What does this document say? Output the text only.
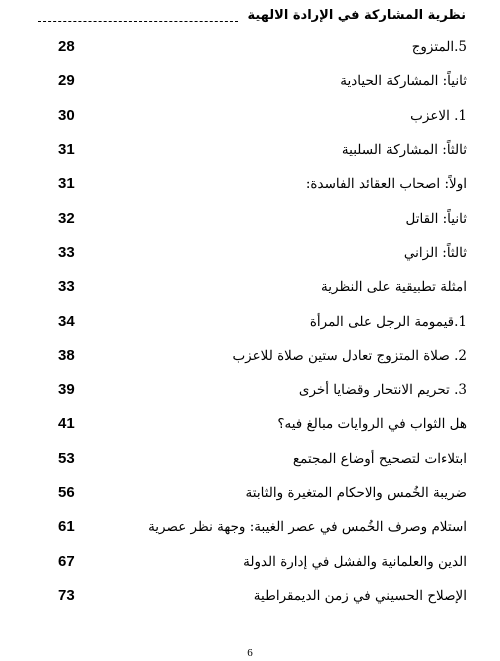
نظرية المشاركة في الإرادة الالهية
28	5.المتزوج
29	ثانياً: المشاركة الحيادية
30	1. الاعزب
31	ثالثاً: المشاركة السلبية
31	اولاً: اصحاب العقائد الفاسدة:
32	ثانياً: القاتل
33	ثالثاً: الزاني
33	امثلة تطبيقية على النظرية
34	1.قيمومة الرجل على المرأة
38	2. صلاة المتزوج تعادل ستين صلاة للاعزب
39	3. تحريم الانتحار وقضايا أخرى
41	هل الثواب في الروايات مبالغ فيه؟
53	ابتلاءات لتصحيح أوضاع المجتمع
56	ضريبة الخُمس والاحكام المتغيرة والثابتة
61	استلام وصرف الخُمس في عصر الغيبة: وجهة نظر عصرية
67	الدين والعلمانية والفشل في إدارة الدولة
73	الإصلاح الحسيني في زمن الديمقراطية
6
